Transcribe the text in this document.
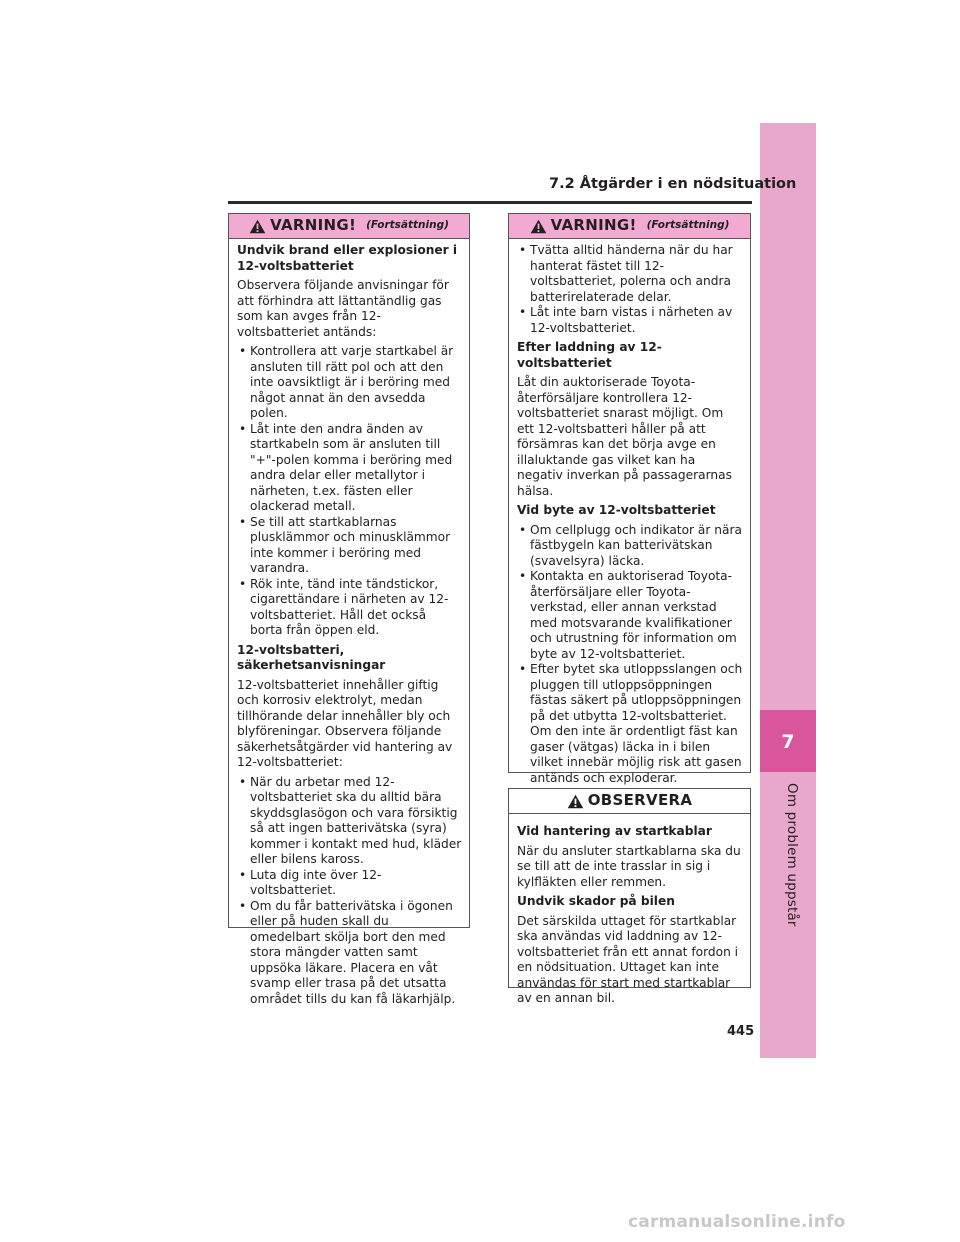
7
Om problem uppstår
7.2 Åtgärder i en nödsituation
VARNING! (Fortsättning)
Undvik brand eller explosioner i 12-voltsbatteriet

Observera följande anvisningar för att förhindra att lättantändlig gas som kan avges från 12-voltsbatteriet antänds:

• Kontrollera att varje startkabel är ansluten till rätt pol och att den inte oavsiktligt är i beröring med något annat än den avsedda polen.
• Låt inte den andra änden av startkabeln som är ansluten till "+"-polen komma i beröring med andra delar eller metallytor i närheten, t.ex. fästen eller olackerad metall.
• Se till att startkablarnas plusklämmor och minusklämmor inte kommer i beröring med varandra.
• Rök inte, tänd inte tändstickor, cigarettändare i närheten av 12-voltsbatteriet. Håll det också borta från öppen eld.
12-voltsbatteri, säkerhetsanvisningar

12-voltsbatteriet innehåller giftig och korrosiv elektrolyt, medan tillhörande delar innehåller bly och blyföreningar. Observera följande säkerhetsåtgärder vid hantering av 12-voltsbatteriet:

• När du arbetar med 12-voltsbatteriet ska du alltid bära skyddsglasögon och vara försiktig så att ingen batterivätska (syra) kommer i kontakt med hud, kläder eller bilens kaross.
• Luta dig inte över 12-voltsbatteriet.
• Om du får batterivätska i ögonen eller på huden skall du omedelbart skölja bort den med stora mängder vatten samt uppsöka läkare. Placera en våt svamp eller trasa på det utsatta området tills du kan få läkarhjälp.
VARNING! (Fortsättning)
• Tvätta alltid händerna när du har hanterat fästet till 12-voltsbatteriet, polerna och andra batterirelaterade delar.
• Låt inte barn vistas i närheten av 12-voltsbatteriet.
Efter laddning av 12-voltsbatteriet

Låt din auktoriserade Toyota-återförsäljare kontrollera 12-voltsbatteriet snarast möjligt. Om ett 12-voltsbatteri håller på att försämras kan det börja avge en illaluktande gas vilket kan ha negativ inverkan på passagerarnas hälsa.

Vid byte av 12-voltsbatteriet
• Om cellplugg och indikator är nära fästbygeln kan batterivätskan (svavelsyra) läcka.
• Kontakta en auktoriserad Toyota-återförsäljare eller Toyota-verkstad, eller annan verkstad med motsvarande kvalifikationer och utrustning för information om byte av 12-voltsbatteriet.
• Efter bytet ska utloppsslangen och pluggen till utloppsöppningen fästas säkert på utloppsöppningen på det utbytta 12-voltsbatteriet. Om den inte är ordentligt fäst kan gaser (vätgas) läcka in i bilen vilket innebär möjlig risk att gasen antänds och exploderar.
OBSERVERA
Vid hantering av startkablar

När du ansluter startkablarna ska du se till att de inte trasslar in sig i kylfläkten eller remmen.

Undvik skador på bilen

Det särskilda uttaget för startkablar ska användas vid laddning av 12-voltsbatteriet från ett annat fordon i en nödsituation. Uttaget kan inte användas för start med startkablar av en annan bil.

445
carmanualsonline.info
